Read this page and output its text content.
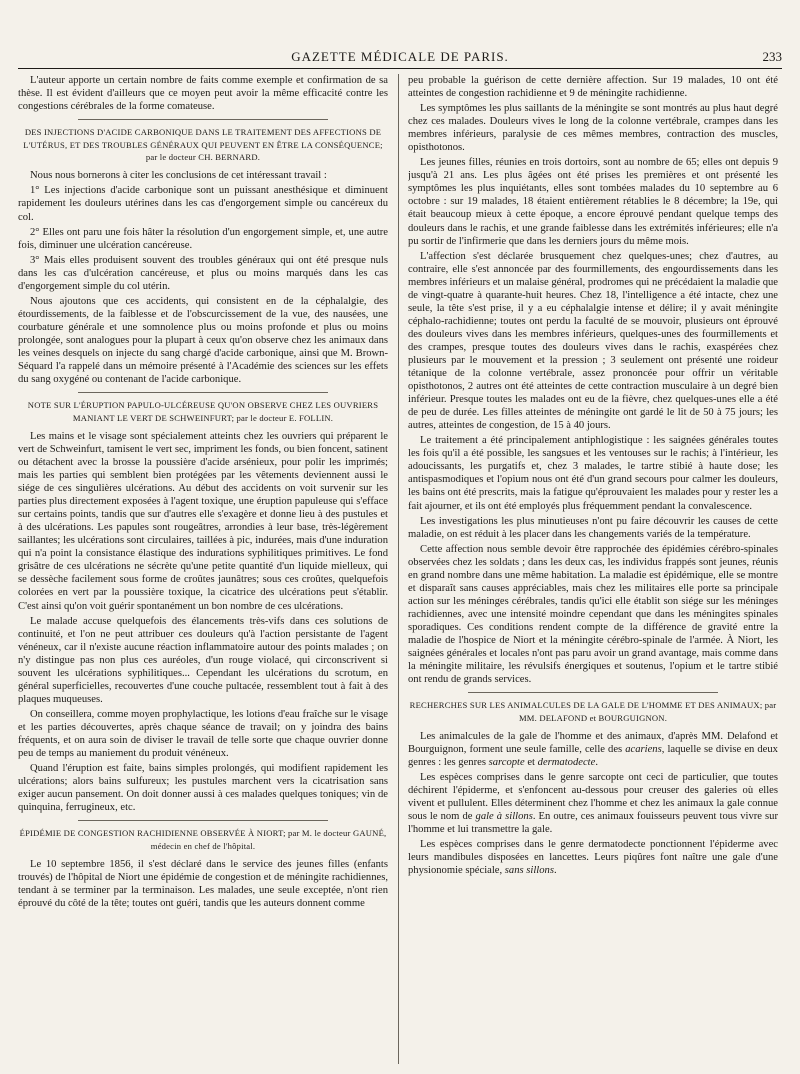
GAZETTE MÉDICALE DE PARIS.	233

L'auteur apporte un certain nombre de faits comme exemple et confirmation de sa thèse. Il est évident d'ailleurs que ce moyen peut avoir la même efficacité contre les congestions cérébrales de la forme comateuse.

DES INJECTIONS D'ACIDE CARBONIQUE DANS LE TRAITEMENT DES AFFECTIONS DE L'UTÉRUS, ET DES TROUBLES GÉNÉRAUX QUI PEUVENT EN ÊTRE LA CONSÉQUENCE; par le docteur CH. BERNARD.

Nous nous bornerons à citer les conclusions de cet intéressant travail :

1° Les injections d'acide carbonique sont un puissant anesthésique et diminuent rapidement les douleurs utérines dans les cas d'engorgement simple ou cancéreux du col.

2° Elles ont paru une fois hâter la résolution d'un engorgement simple, et, une autre fois, diminuer une ulcération cancéreuse.

3° Mais elles produisent souvent des troubles généraux qui ont été presque nuls dans les cas d'ulcération cancéreuse, et plus ou moins marqués dans les cas d'engorgement simple du col utérin.

Nous ajoutons que ces accidents, qui consistent en de la céphalalgie, des étourdissements, de la faiblesse et de l'obscurcissement de la vue, des nausées, une courbature générale et une somnolence plus ou moins profonde et plus ou moins prolongée, sont analogues pour la plupart à ceux qu'on observe chez les animaux dans les veines desquels on injecte du sang chargé d'acide carbonique, ainsi que M. Brown-Séquard l'a rappelé dans un mémoire présenté à l'Académie des sciences sur les effets du sang oxygéné ou contenant de l'acide carbonique.

NOTE SUR L'ÉRUPTION PAPULO-ULCÉREUSE QU'ON OBSERVE CHEZ LES OUVRIERS MANIANT LE VERT DE SCHWEINFURT; par le docteur E. FOLLIN.

Les mains et le visage sont spécialement atteints chez les ouvriers qui préparent le vert de Schweinfurt, tamisent le vert sec, impriment les fonds, ou bien foncent, satinent ou détachent avec la brosse la poussière d'acide arsénieux, pour polir les imprimés; mais les parties qui semblent bien protégées par les vêtements deviennent aussi le siége de ces singulières ulcérations. Au début des accidents on voit survenir sur les parties plus directement exposées à l'agent toxique, une éruption papuleuse qui s'efface sur certains points, tandis que sur d'autres elle s'exagère et donne lieu à des pustules et à des ulcérations. Les papules sont rougeâtres, arrondies à leur base, très-légèrement saillantes; les ulcérations sont circulaires, taillées à pic, indurées, mais d'une induration qui n'a point la consistance élastique des indurations syphilitiques primitives. Le fond grisâtre de ces ulcérations ne sécrète qu'une petite quantité d'un liquide mielleux, qui se dessèche facilement sous forme de croûtes jaunâtres; sous ces croûtes, quelquefois colorées en vert par la poussière toxique, la cicatrice des ulcérations peut s'établir. C'est ainsi qu'on voit guérir spontanément un bon nombre de ces ulcérations.

Le malade accuse quelquefois des élancements très-vifs dans ces solutions de continuité, et l'on ne peut attribuer ces douleurs qu'à l'action persistante de l'agent vénéneux, car il n'existe aucune réaction inflammatoire autour des points malades ; on n'y distingue pas non plus ces auréoles, d'un rouge violacé, qui circonscrivent si souvent les ulcérations syphilitiques... Cependant les ulcérations du scrotum, en général superficielles, recouvertes d'une couche pultacée, ressemblent tout à fait à des plaques muqueuses.

On conseillera, comme moyen prophylactique, les lotions d'eau fraîche sur le visage et les parties découvertes, après chaque séance de travail; on y joindra des bains fréquents, et on aura soin de diviser le travail de telle sorte que chaque ouvrier donne peu de temps au maniement du produit vénéneux.

Quand l'éruption est faite, bains simples prolongés, qui modifient rapidement les ulcérations; alors bains sulfureux; les pustules marchent vers la cicatrisation sans exiger aucun pansement. On doit donner aussi à ces malades quelques toniques; vin de quinquina, ferrugineux, etc.

ÉPIDÉMIE DE CONGESTION RACHIDIENNE OBSERVÉE À NIORT; par M. le docteur GAUNÉ, médecin en chef de l'hôpital.

Le 10 septembre 1856, il s'est déclaré dans le service des jeunes filles (enfants trouvés) de l'hôpital de Niort une épidémie de congestion et de méningite rachidiennes, tendant à se terminer par la terminaison. Les malades, une seule exceptée, n'ont rien éprouvé du côté de la tête; toutes ont guéri, tandis que les auteurs donnent comme

peu probable la guérison de cette dernière affection. Sur 19 malades, 10 ont été atteintes de congestion rachidienne et 9 de méningite rachidienne.

Les symptômes les plus saillants de la méningite se sont montrés au plus haut degré chez ces malades. Douleurs vives le long de la colonne vertébrale, crampes dans les membres inférieurs, paralysie de ces mêmes membres, contraction des muscles, opisthotonos.

Les jeunes filles, réunies en trois dortoirs, sont au nombre de 65; elles ont depuis 9 jusqu'à 21 ans. Les plus âgées ont été prises les premières et ont présenté les symptômes les plus inquiétants, elles sont tombées malades du 10 septembre au 6 octobre : sur 19 malades, 18 étaient entièrement rétablies le 8 décembre; la 19e, qui était beaucoup mieux à cette époque, a encore éprouvé pendant quelque temps des douleurs dans le rachis, et une grande faiblesse dans les extrémités inférieures; elle n'a pu sortir de l'infirmerie que dans les derniers jours du même mois.

L'affection s'est déclarée brusquement chez quelques-unes; chez d'autres, au contraire, elle s'est annoncée par des fourmillements, des engourdissements dans les membres inférieurs et un malaise général, prodromes qui ne précédaient la maladie que de vingt-quatre à quarante-huit heures. Chez 18, l'intelligence a été intacte, chez une seule, la tête s'est prise, il y a eu céphalalgie intense et délire; il y avait méningite céphalo-rachidienne; toutes ont perdu la faculté de se mouvoir, plusieurs ont éprouvé des douleurs vives dans les membres inférieurs, quelques-unes des fourmillements et des crampes, presque toutes des douleurs vives dans le rachis, exaspérées chez plusieurs par le mouvement et la pression ; 3 seulement ont présenté une roideur tétanique de la colonne vertébrale, assez prononcée pour offrir un véritable opisthotonos, 2 autres ont été atteintes de cette contraction musculaire à un degré bien inférieur. Presque toutes les malades ont eu de la fièvre, chez quelques-unes elle a été de peu de durée. Les filles atteintes de méningite ont gardé le lit de 50 à 75 jours; les autres, atteintes de congestion, de 15 à 40 jours.

Le traitement a été principalement antiphlogistique : les saignées générales toutes les fois qu'il a été possible, les sangsues et les ventouses sur le rachis; à l'intérieur, les adoucissants, les purgatifs et, chez 3 malades, le tartre stibié à haute dose; les antispasmodiques et l'opium nous ont été d'un grand secours pour calmer les douleurs, les bains ont été prescrits, mais la fatigue qu'éprouvaient les malades pour y rester les a fait ajourner, et ils ont été employés plus fréquemment pendant la convalescence.

Les investigations les plus minutieuses n'ont pu faire découvrir les causes de cette maladie, on est réduit à les placer dans les changements variés de la température.

Cette affection nous semble devoir être rapprochée des épidémies cérébro-spinales observées chez les soldats ; dans les deux cas, les individus frappés sont jeunes, réunis en grand nombre dans une même habitation. La maladie est épidémique, elle se montre et disparaît sans causes appréciables, mais chez les militaires elle porte sa principale action sur les méninges cérébrales, tandis qu'ici elle établit son siége sur les méninges rachidiennes, avec une intensité moindre cependant que dans les méningites spinales sporadiques. Ces conditions rendent compte de la différence de gravité entre la maladie de l'hospice de Niort et la méningite cérébro-spinale de l'armée. À Niort, les saignées générales et locales n'ont pas paru avoir un grand avantage, mais comme dans la méningite militaire, les révulsifs énergiques et soutenus, l'opium et le tartre stibié ont rendu de grands services.

RECHERCHES SUR LES ANIMALCULES DE LA GALE DE L'HOMME ET DES ANIMAUX; par MM. DELAFOND et BOURGUIGNON.

Les animalcules de la gale de l'homme et des animaux, d'après MM. Delafond et Bourguignon, forment une seule famille, celle des acariens, laquelle se divise en deux genres : les genres sarcopte et dermatodecte.

Les espèces comprises dans le genre sarcopte ont ceci de particulier, que toutes déchirent l'épiderme, et s'enfoncent au-dessous pour creuser des galeries où elles vivent et pullulent. Elles déterminent chez l'homme et chez les animaux la gale connue sous le nom de gale à sillons. En outre, ces animaux fouisseurs peuvent tous vivre sur l'homme et lui transmettre la gale.

Les espèces comprises dans le genre dermatodecte ponctionnent l'épiderme avec leurs mandibules disposées en lancettes. Leurs piqûres font naître une gale d'une physionomie spéciale, sans sillons.
